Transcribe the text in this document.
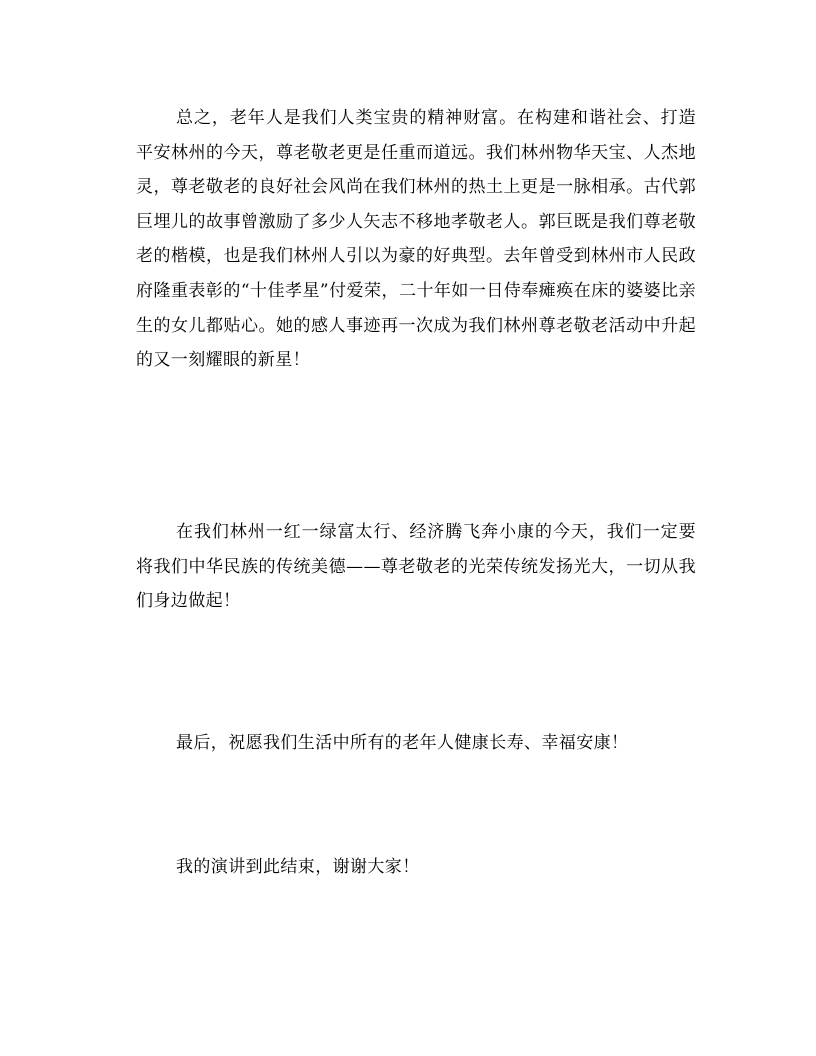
总之，老年人是我们人类宝贵的精神财富。在构建和谐社会、打造平安林州的今天，尊老敬老更是任重而道远。我们林州物华天宝、人杰地灵，尊老敬老的良好社会风尚在我们林州的热土上更是一脉相承。古代郭巨埋儿的故事曾激励了多少人矢志不移地孝敬老人。郭巨既是我们尊老敬老的楷模，也是我们林州人引以为豪的好典型。去年曾受到林州市人民政府隆重表彰的“十佳孝星”付爱荣，二十年如一日侍奉瘫痪在床的婆婆比亲生的女儿都贴心。她的感人事迹再一次成为我们林州尊老敬老活动中升起的又一刻耀眼的新星！

在我们林州一红一绿富太行、经济腾飞奔小康的今天，我们一定要将我们中华民族的传统美德——尊老敬老的光荣传统发扬光大，一切从我们身边做起！

最后，祝愿我们生活中所有的老年人健康长寿、幸福安康！

我的演讲到此结束，谢谢大家！
